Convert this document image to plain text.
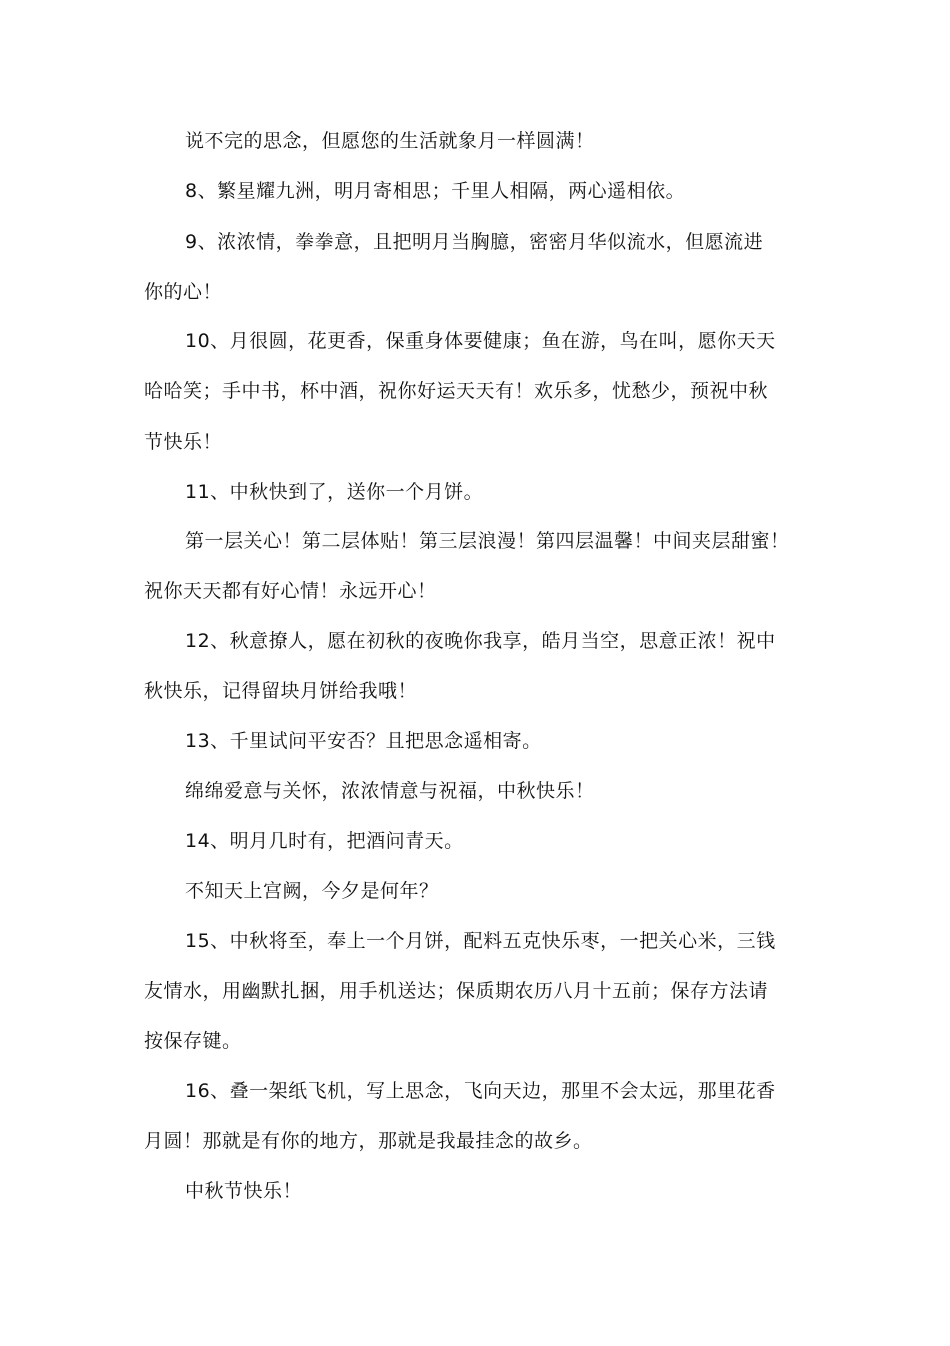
说不完的思念，但愿您的生活就象月一样圆满！
8、繁星耀九洲，明月寄相思；千里人相隔，两心遥相依。
9、浓浓情，拳拳意，且把明月当胸臆，密密月华似流水，但愿流进
你的心！
10、月很圆，花更香，保重身体要健康；鱼在游，鸟在叫，愿你天天
哈哈笑；手中书，杯中酒，祝你好运天天有！欢乐多，忧愁少，预祝中秋
节快乐！
11、中秋快到了，送你一个月饼。
第一层关心！第二层体贴！第三层浪漫！第四层温馨！中间夹层甜蜜！
祝你天天都有好心情！永远开心！
12、秋意撩人，愿在初秋的夜晚你我享，皓月当空，思意正浓！祝中
秋快乐，记得留块月饼给我哦！
13、千里试问平安否？且把思念遥相寄。
绵绵爱意与关怀，浓浓情意与祝福，中秋快乐！
14、明月几时有，把酒问青天。
不知天上宫阙，今夕是何年？
15、中秋将至，奉上一个月饼，配料五克快乐枣，一把关心米，三钱
友情水，用幽默扎捆，用手机送达；保质期农历八月十五前；保存方法请
按保存键。
16、叠一架纸飞机，写上思念，飞向天边，那里不会太远，那里花香
月圆！那就是有你的地方，那就是我最挂念的故乡。
中秋节快乐！
